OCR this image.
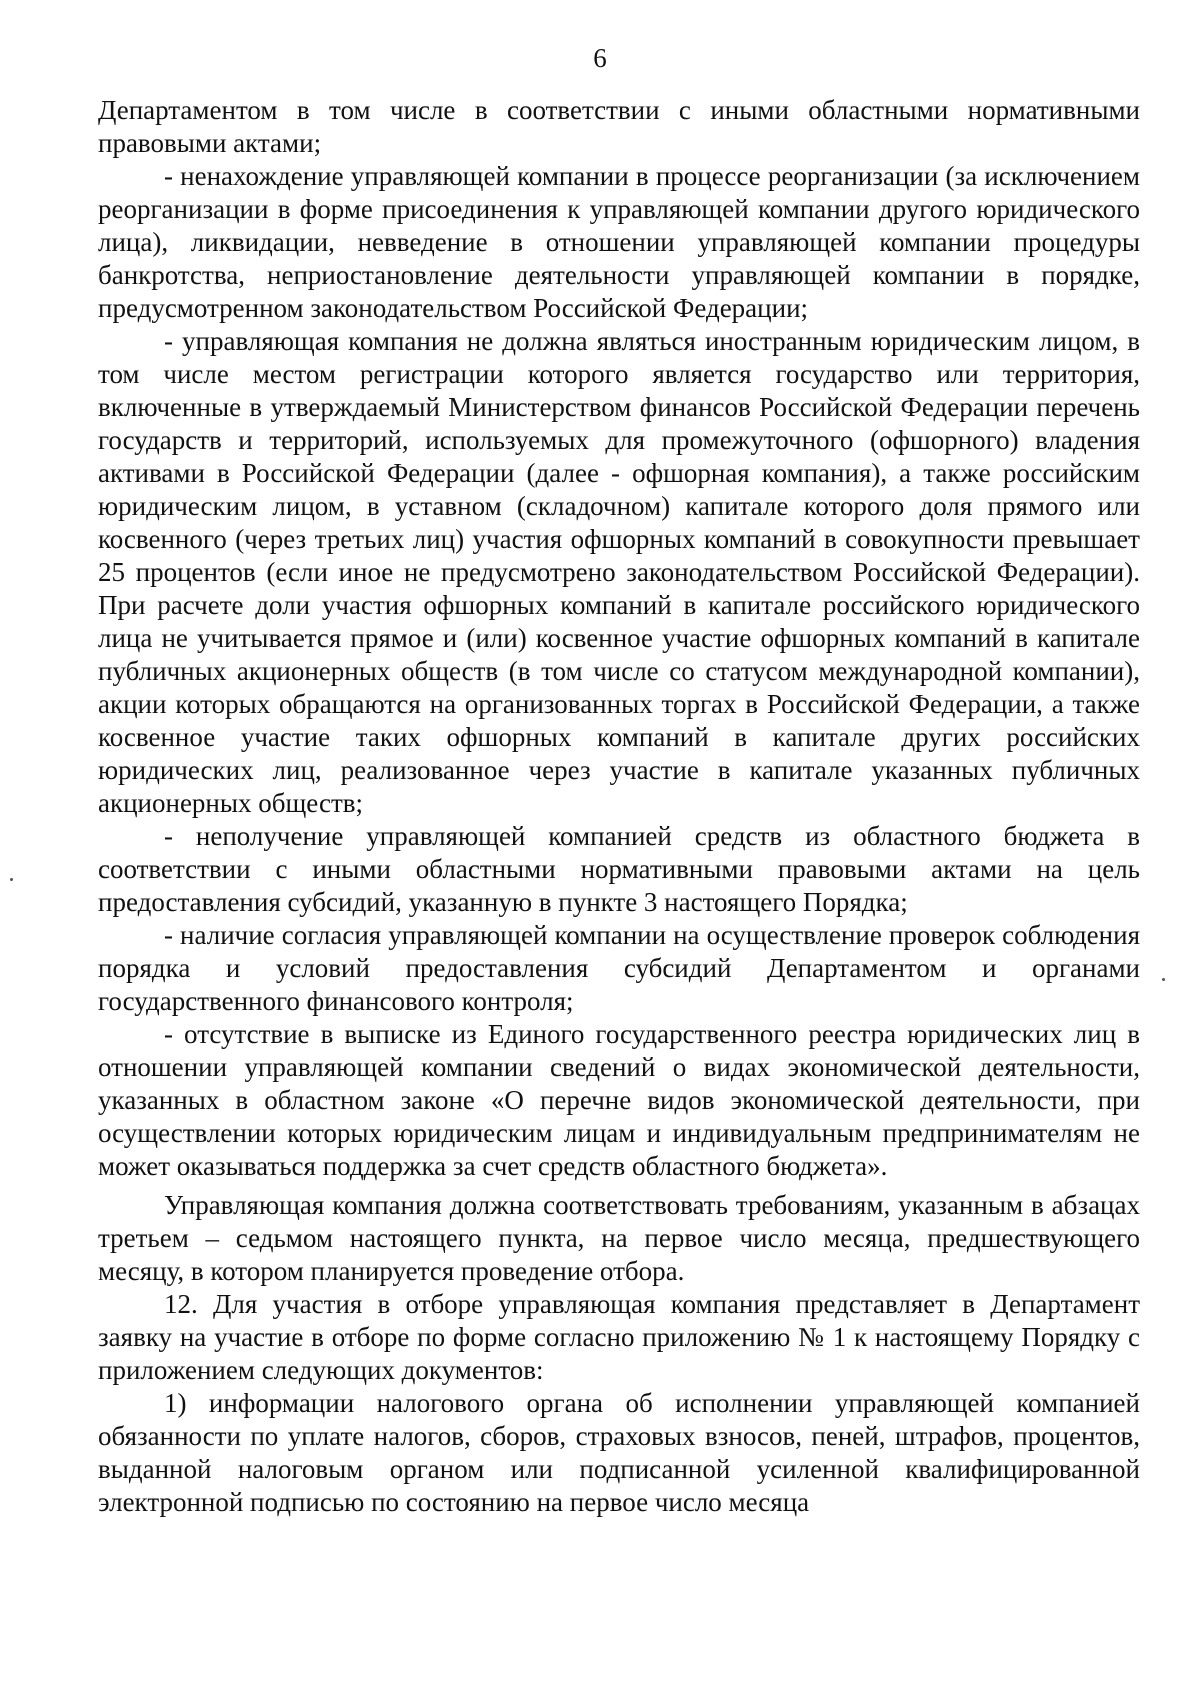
6

Департаментом в том числе в соответствии с иными областными нормативными правовыми актами;

- ненахождение управляющей компании в процессе реорганизации (за исключением реорганизации в форме присоединения к управляющей компании другого юридического лица), ликвидации, невведение в отношении управляющей компании процедуры банкротства, неприостановление деятельности управляющей компании в порядке, предусмотренном законодательством Российской Федерации;

- управляющая компания не должна являться иностранным юридическим лицом, в том числе местом регистрации которого является государство или территория, включенные в утверждаемый Министерством финансов Российской Федерации перечень государств и территорий, используемых для промежуточного (офшорного) владения активами в Российской Федерации (далее - офшорная компания), а также российским юридическим лицом, в уставном (складочном) капитале которого доля прямого или косвенного (через третьих лиц) участия офшорных компаний в совокупности превышает 25 процентов (если иное не предусмотрено законодательством Российской Федерации). При расчете доли участия офшорных компаний в капитале российского юридического лица не учитывается прямое и (или) косвенное участие офшорных компаний в капитале публичных акционерных обществ (в том числе со статусом международной компании), акции которых обращаются на организованных торгах в Российской Федерации, а также косвенное участие таких офшорных компаний в капитале других российских юридических лиц, реализованное через участие в капитале указанных публичных акционерных обществ;

- неполучение управляющей компанией средств из областного бюджета в соответствии с иными областными нормативными правовыми актами на цель предоставления субсидий, указанную в пункте 3 настоящего Порядка;

- наличие согласия управляющей компании на осуществление проверок соблюдения порядка и условий предоставления субсидий Департаментом и органами государственного финансового контроля;

- отсутствие в выписке из Единого государственного реестра юридических лиц в отношении управляющей компании сведений о видах экономической деятельности, указанных в областном законе «О перечне видов экономической деятельности, при осуществлении которых юридическим лицам и индивидуальным предпринимателям не может оказываться поддержка за счет средств областного бюджета».

Управляющая компания должна соответствовать требованиям, указанным в абзацах третьем – седьмом настоящего пункта, на первое число месяца, предшествующего месяцу, в котором планируется проведение отбора.

12. Для участия в отборе управляющая компания представляет в Департамент заявку на участие в отборе по форме согласно приложению № 1 к настоящему Порядку с приложением следующих документов:

1) информации налогового органа об исполнении управляющей компанией обязанности по уплате налогов, сборов, страховых взносов, пеней, штрафов, процентов, выданной налоговым органом или подписанной усиленной квалифицированной электронной подписью по состоянию на первое число месяца
